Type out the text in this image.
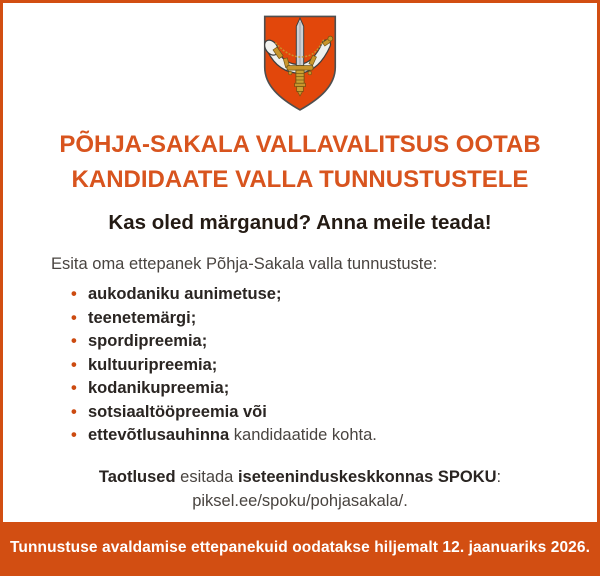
PÕHJA-SAKALA VALLAVALITSUS OOTAB
KANDIDAATE VALLA TUNNUSTUSTELE
Kas oled märganud? Anna meile teada!

Esita oma ettepanek Põhja-Sakala valla tunnustuste:

• aukodaniku aunimetuse;
• teenetemärgi;
• spordipreemia;
• kultuuripreemia;
• kodanikupreemia;
• sotsiaaltööpreemia või
• ettevõtlusauhinna kandidaatide kohta.

Taotlused esitada iseteeninduskeskkonnas SPOKU:
piksel.ee/spoku/pohjasakala/.

Tunnustuse avaldamise ettepanekuid oodatakse hiljemalt 12. jaanuariks 2026.
